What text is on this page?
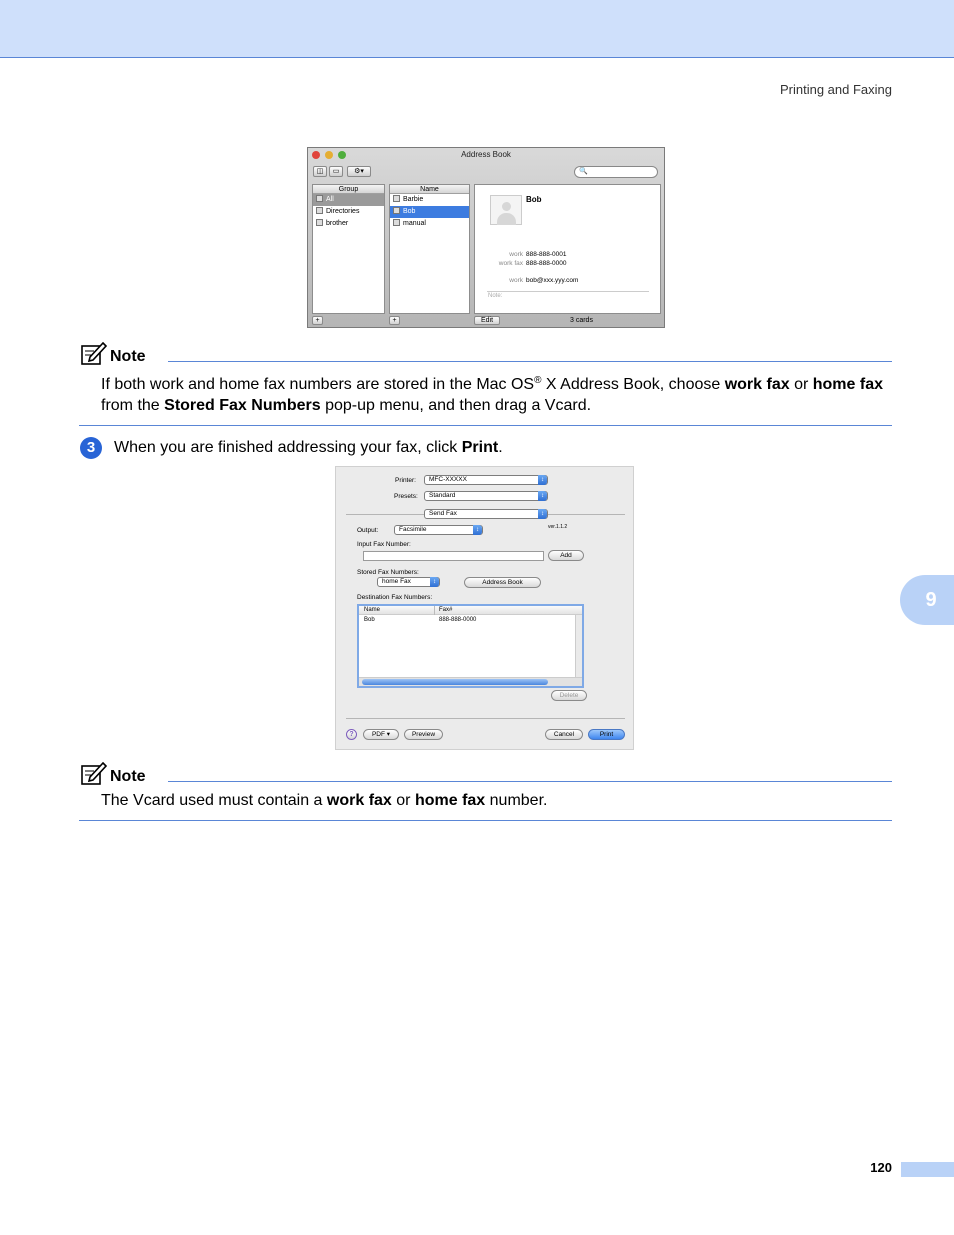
Printing and Faxing
9
Address Book
◫	▭	⚙▾	🔍
Group
All
Directories
brother
Name
Barbie
Bob
manual
Bob
work 888-888-0001
work fax 888-888-0000
work bob@xxx.yyy.com
Note:
+	+	Edit	3 cards
Note
If both work and home fax numbers are stored in the Mac OS® X Address Book, choose work fax or home fax from the Stored Fax Numbers pop-up menu, and then drag a Vcard.
3	When you are finished addressing your fax, click Print.
Printer:	MFC-XXXXX ↕
Presets:	Standard ↕
Send Fax ↕
Output:	Facsimile ↕	ver.1.1.2
Input Fax Number:
Add
Stored Fax Numbers:
home Fax ↕	Address Book
Destination Fax Numbers:
Name	Fax#
Bob	888-888-0000
Delete
?	PDF ▾	Preview	Cancel	Print
Note
The Vcard used must contain a work fax or home fax number.
120
